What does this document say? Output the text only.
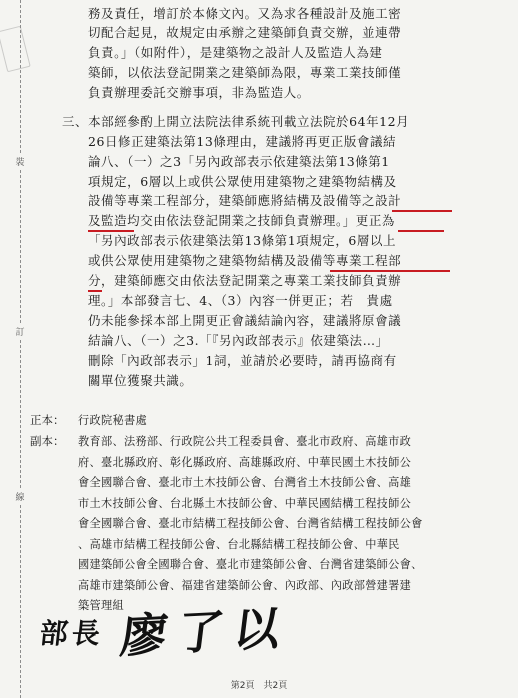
裝
訂
線
務及責任，增訂於本條文內。又為求各種設計及施工密
切配合起見，故規定由承辦之建築師負責交辦，並連帶
負責。」（如附件），是建築物之設計人及監造人為建
築師，以依法登記開業之建築師為限，專業工業技師僅
負責辦理委託交辦事項，非為監造人。
三、本部經參酌上開立法院法律系統刊載立法院於64年12月
26日修正建築法第13條理由，建議將再更正版會議結
論八、（一）之3「另內政部表示依建築法第13條第1
項規定，6層以上或供公眾使用建築物之建築物結構及
設備等專業工程部分，建築師應將結構及設備等之設計
及監造均交由依法登記開業之技師負責辦理。」更正為
「另內政部表示依建築法第13條第1項規定，6層以上
或供公眾使用建築物之建築物結構及設備等專業工程部
分，建築師應交由依法登記開業之專業工業技師負責辦
理。」本部發言七、4、（3）內容一併更正；若　貴處
仍未能參採本部上開更正會議結論內容，建議將原會議
結論八、（一）之3.「『另內政部表示』依建築法…」
刪除「內政部表示」1詞，並請於必要時，請再協商有
關單位獲聚共識。
正本： 行政院秘書處
副本： 教育部、法務部、行政院公共工程委員會、臺北市政府、高雄市政
府、臺北縣政府、彰化縣政府、高雄縣政府、中華民國土木技師公
會全國聯合會、臺北市土木技師公會、台灣省土木技師公會、高雄
市土木技師公會、台北縣土木技師公會、中華民國結構工程技師公
會全國聯合會、臺北市結構工程技師公會、台灣省結構工程技師公會
、高雄市結構工程技師公會、台北縣結構工程技師公會、中華民
國建築師公會全國聯合會、臺北市建築師公會、台灣省建築師公會、
高雄市建築師公會、福建省建築師公會、內政部、內政部營建署建
築管理組
部長 廖了以
第2頁　共2頁
